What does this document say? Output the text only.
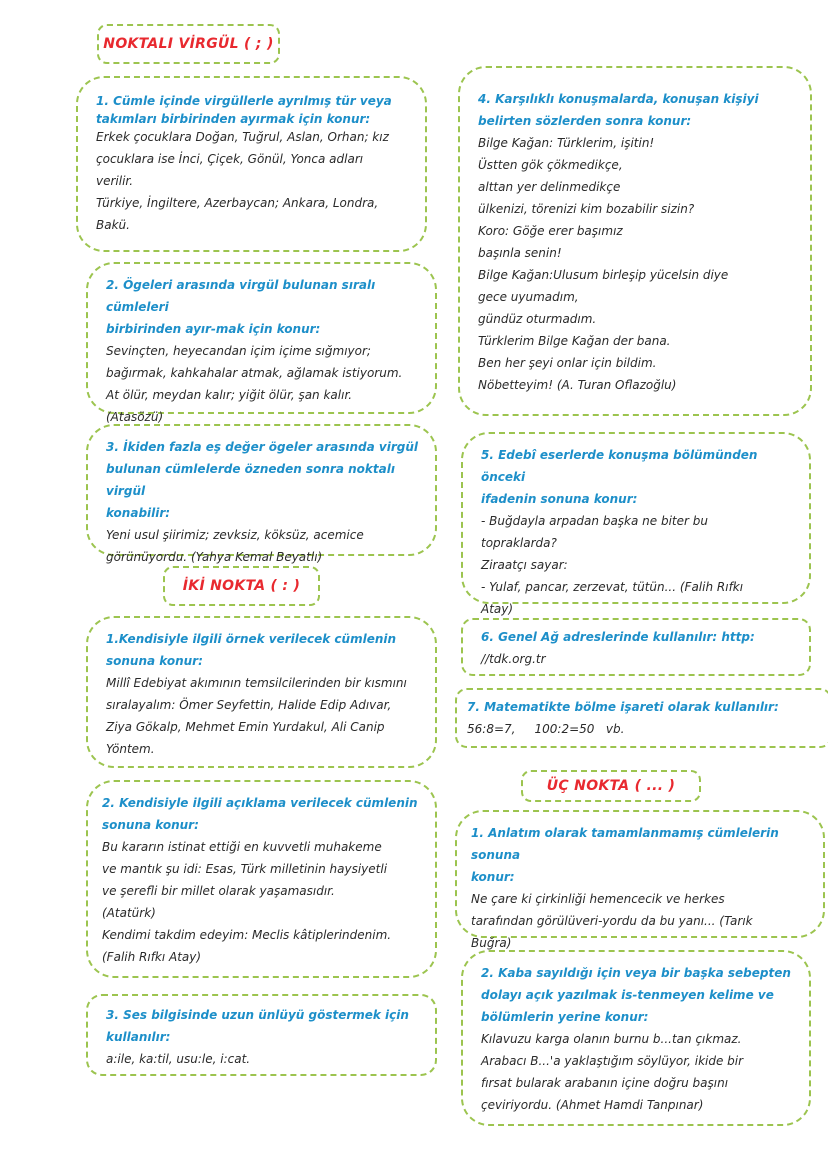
NOKTALI VİRGÜL ( ; )
İKİ NOKTA ( : )
ÜÇ NOKTA ( ... )

1. Cümle içinde virgüllerle ayrılmış tür veya

takımları birbirinden ayırmak için konur:

Erkek çocuklara Doğan, Tuğrul, Aslan, Orhan; kız

çocuklara ise İnci, Çiçek, Gönül, Yonca adları

verilir.

Türkiye, İngiltere, Azerbaycan; Ankara, Londra,

Bakü.

2. Ögeleri arasında virgül bulunan sıralı cümleleri

birbirinden ayır-mak için konur:

Sevinçten, heyecandan içim içime sığmıyor;

bağırmak, kahkahalar atmak, ağlamak istiyorum.

At ölür, meydan kalır; yiğit ölür, şan kalır.

(Atasözü)

3. İkiden fazla eş değer ögeler arasında virgül

bulunan cümlelerde özneden sonra noktalı virgül

konabilir:

Yeni usul şiirimiz; zevksiz, köksüz, acemice

görünüyordu. (Yahya Kemal Beyatlı)

4. Karşılıklı konuşmalarda, konuşan kişiyi

belirten sözlerden sonra konur:

Bilge Kağan: Türklerim, işitin!

Üstten gök çökmedikçe,

alttan yer delinmedikçe

ülkenizi, törenizi kim bozabilir sizin?

Koro: Göğe erer başımız

başınla senin!

Bilge Kağan:Ulusum birleşip yücelsin diye

gece uyumadım,

gündüz oturmadım.

Türklerim Bilge Kağan der bana.

Ben her şeyi onlar için bildim.

Nöbetteyim! (A. Turan Oflazoğlu)

5. Edebî eserlerde konuşma bölümünden önceki

ifadenin sonuna konur:

- Buğdayla arpadan başka ne biter bu

topraklarda?

Ziraatçı sayar:

- Yulaf, pancar, zerzevat, tütün... (Falih Rıfkı

Atay)

1.Kendisiyle ilgili örnek verilecek cümlenin

sonuna konur:

Millî Edebiyat akımının temsilcilerinden bir kısmını

sıralayalım: Ömer Seyfettin, Halide Edip Adıvar,

Ziya Gökalp, Mehmet Emin Yurdakul, Ali Canip

Yöntem.

2. Kendisiyle ilgili açıklama verilecek cümlenin

sonuna konur:

Bu kararın istinat ettiği en kuvvetli muhakeme

ve mantık şu idi: Esas, Türk milletinin haysiyetli

ve şerefli bir millet olarak yaşamasıdır.

(Atatürk)

Kendimi takdim edeyim: Meclis kâtiplerindenim.

(Falih Rıfkı Atay)

3. Ses bilgisinde uzun ünlüyü göstermek için

kullanılır:

a:ile, ka:til, usu:le, i:cat.

6. Genel Ağ adreslerinde kullanılır: http:

//tdk.org.tr

7. Matematikte bölme işareti olarak kullanılır:

56:8=7,     100:2=50   vb.

1. Anlatım olarak tamamlanmamış cümlelerin sonuna

konur:

Ne çare ki çirkinliği hemencecik ve herkes

tarafından görülüveri-yordu da bu yanı... (Tarık

Buğra)

2. Kaba sayıldığı için veya bir başka sebepten

dolayı açık yazılmak is-tenmeyen kelime ve

bölümlerin yerine konur:

Kılavuzu karga olanın burnu b...tan çıkmaz.

Arabacı B...'a yaklaştığım söylüyor, ikide bir

fırsat bularak arabanın içine doğru başını

çeviriyordu. (Ahmet Hamdi Tanpınar)
